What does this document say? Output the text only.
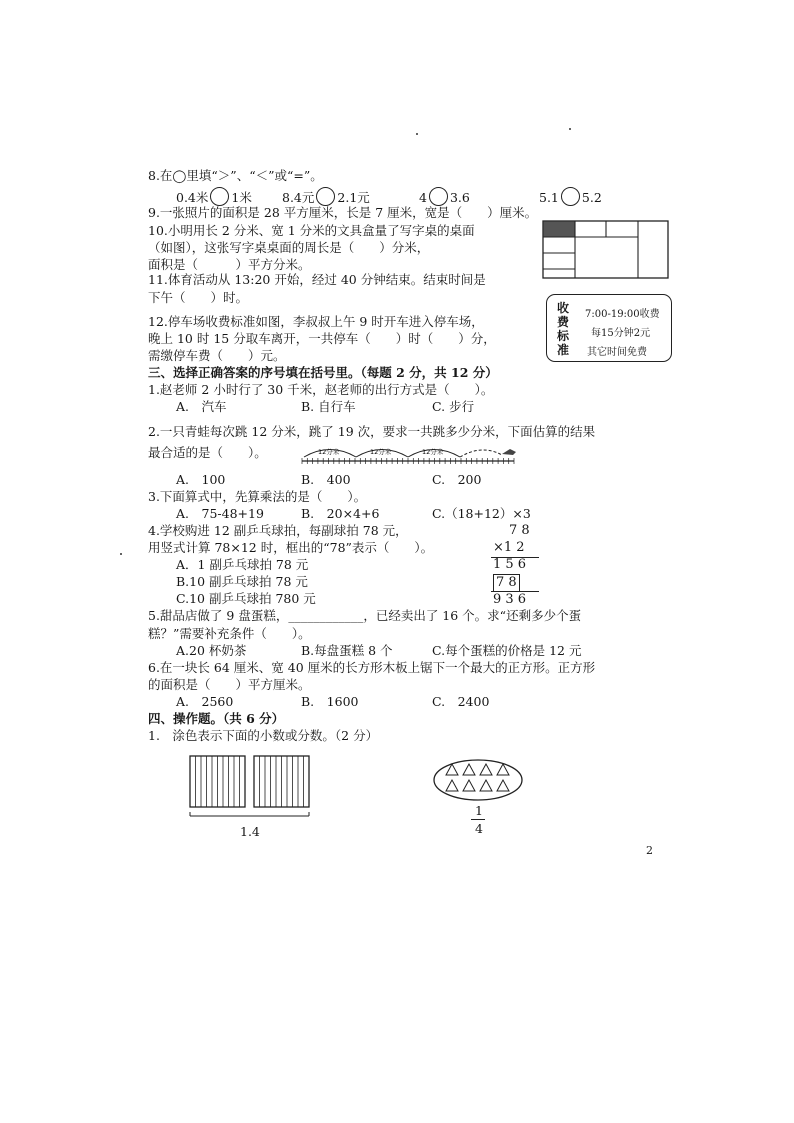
8.在◯里填“＞”、“＜”或“=”。
0.4米 1米 8.4元 2.1元	4 3.6	5.1 5.2
9.一张照片的面积是 28 平方厘米，长是 7 厘米，宽是（　　）厘米。
10.小明用长 2 分米、宽 1 分米的文具盒量了写字桌的桌面
（如图），这张写字桌桌面的周长是（　　）分米，
面积是（　　　）平方分米。
11.体育活动从 13:20 开始，经过 40 分钟结束。结束时间是
下午（　　）时。
收费标准
7:00-19:00收费
每15分钟2元
其它时间免费
12.停车场收费标准如图，李叔叔上午 9 时开车进入停车场，
晚上 10 时 15 分取车离开，一共停车（　　）时（　　）分，
需缴停车费（　　）元。
三、选择正确答案的序号填在括号里。（每题 2 分，共 12 分）
1.赵老师 2 小时行了 30 千米，赵老师的出行方式是（　　）。
A.　汽车	B. 自行车	C. 步行
2.一只青蛙每次跳 12 分米，跳了 19 次，要求一共跳多少分米，下面估算的结果
最合适的是（　　）。	12分米	12分米	12分米
A.　100	B.　400	C.　200
3.下面算式中，先算乘法的是（　　）。
A.　75-48+19	B.　20×4+6	C.（18+12）×3
4.学校购进 12 副乒乓球拍，每副球拍 78 元，
用竖式计算 78×12 时，框出的“78”表示（　　）。
A．1 副乒乓球拍 78 元
B.10 副乒乓球拍 78 元
C.10 副乒乓球拍 780 元
7 8
×1 2
1 5 6
7 8
9 3 6
5.甜品店做了 9 盘蛋糕，____________，已经卖出了 16 个。求“还剩多少个蛋
糕？”需要补充条件（　　）。
A.20 杯奶茶	B.每盘蛋糕 8 个	C.每个蛋糕的价格是 12 元
6.在一块长 64 厘米、宽 40 厘米的长方形木板上锯下一个最大的正方形。正方形
的面积是（　　）平方厘米。
A.　2560	B.　1600	C.　2400
四、操作题。（共 6 分）
1.　涂色表示下面的小数或分数。（2 分）
1.4
1
4
2
